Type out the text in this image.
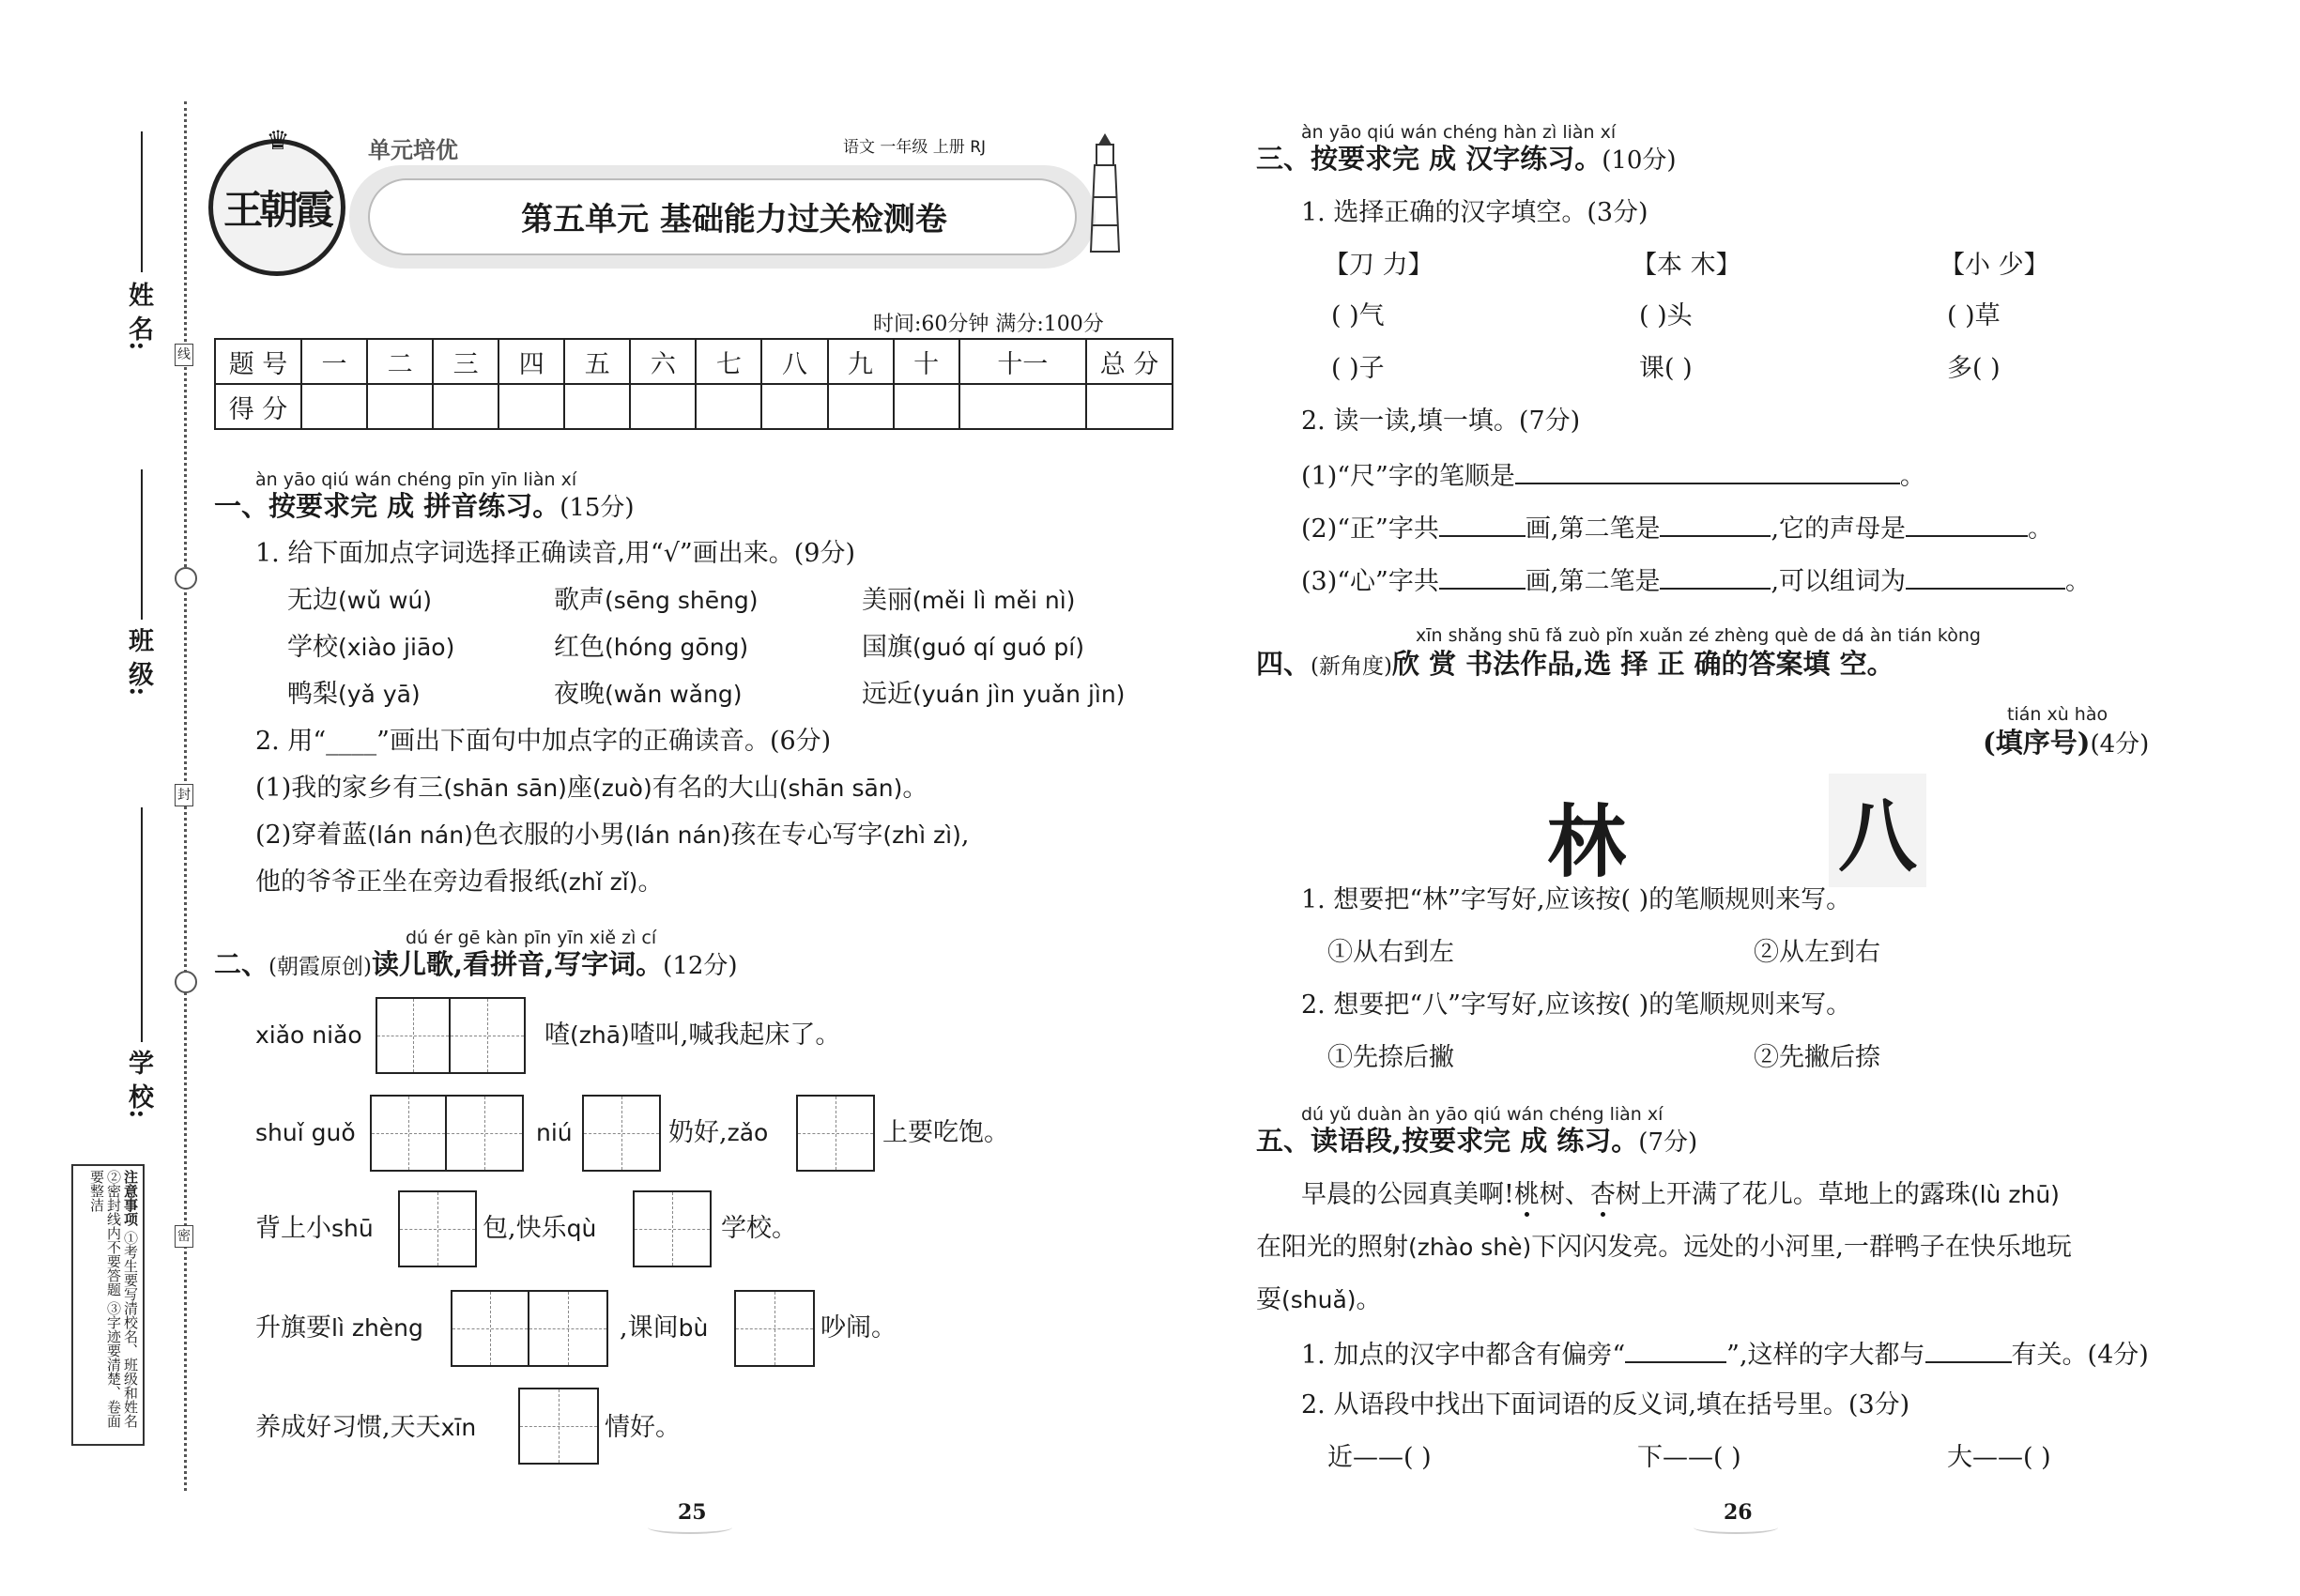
姓 名:
班 级:
学 校:
线
封
密
注意事项 ①考生要写清校名、班级和姓名 ②密封线内不要答题 ③字迹要清楚、卷面要整洁
♛
王朝霞
单元培优	语文 一年级 上册 RJ
第五单元 基础能力过关检测卷
时间:60分钟 满分:100分
题 号	一	二	三	四	五	六	七	八	九	十	十一	总 分
得 分												
àn yāo qiú wán chéng pīn yīn liàn xí
一、按要求完 成 拼音练习。(15分)
1. 给下面加点字词选择正确读音,用“√”画出来。(9分)
无边(wǔ wú)	歌声(sēng shēng)	美丽(měi lì měi nì)
学校(xiào jiāo)	红色(hóng gōng)	国旗(guó qí guó pí)
鸭梨(yǎ yā)	夜晚(wǎn wǎng)	远近(yuán jìn yuǎn jìn)
2. 用“____”画出下面句中加点字的正确读音。(6分)
(1)我的家乡有三(shān sān)座(zuò)有名的大山(shān sān)。
(2)穿着蓝(lán nán)色衣服的小男(lán nán)孩在专心写字(zhì zì),
他的爷爷正坐在旁边看报纸(zhǐ zǐ)。
dú ér gē kàn pīn yīn xiě zì cí
二、(朝霞原创)读儿歌,看拼音,写字词。(12分)
xiǎo niǎo	喳(zhā)喳叫,喊我起床了。
shuǐ guǒ	niú	奶好,zǎo	上要吃饱。
背上小shū	包,快乐qù	学校。
升旗要lì zhèng	,课间bù	吵闹。
养成好习惯,天天xīn	情好。
25
àn yāo qiú wán chéng hàn zì liàn xí
三、按要求完 成 汉字练习。(10分)
1. 选择正确的汉字填空。(3分)
【刀 力】	【本 木】	【小 少】
( )气	( )头	( )草
( )子	课( )	多( )
2. 读一读,填一填。(7分)
(1)“尺”字的笔顺是	。
(2)“正”字共	画,第二笔是	,它的声母是	。
(3)“心”字共	画,第二笔是	,可以组词为	。
xīn shǎng shū fǎ zuò pǐn xuǎn zé zhèng què de dá àn tián kòng
四、(新角度)欣 赏 书法作品,选 择 正 确的答案填 空。
tián xù hào
(填序号)(4分)
林	八
1. 想要把“林”字写好,应该按( )的笔顺规则来写。
①从右到左	②从左到右
2. 想要把“八”字写好,应该按( )的笔顺规则来写。
①先捺后撇	②先撇后捺
dú yǔ duàn àn yāo qiú wán chéng liàn xí
五、读语段,按要求完 成 练习。(7分)
早晨的公园真美啊!桃树、杏树上开满了花儿。草地上的露珠(lù zhū)
在阳光的照射(zhào shè)下闪闪发亮。远处的小河里,一群鸭子在快乐地玩
耍(shuǎ)。
1. 加点的汉字中都含有偏旁“	”,这样的字大都与	有关。(4分)
2. 从语段中找出下面词语的反义词,填在括号里。(3分)
近——( )	下——( )	大——( )
26
